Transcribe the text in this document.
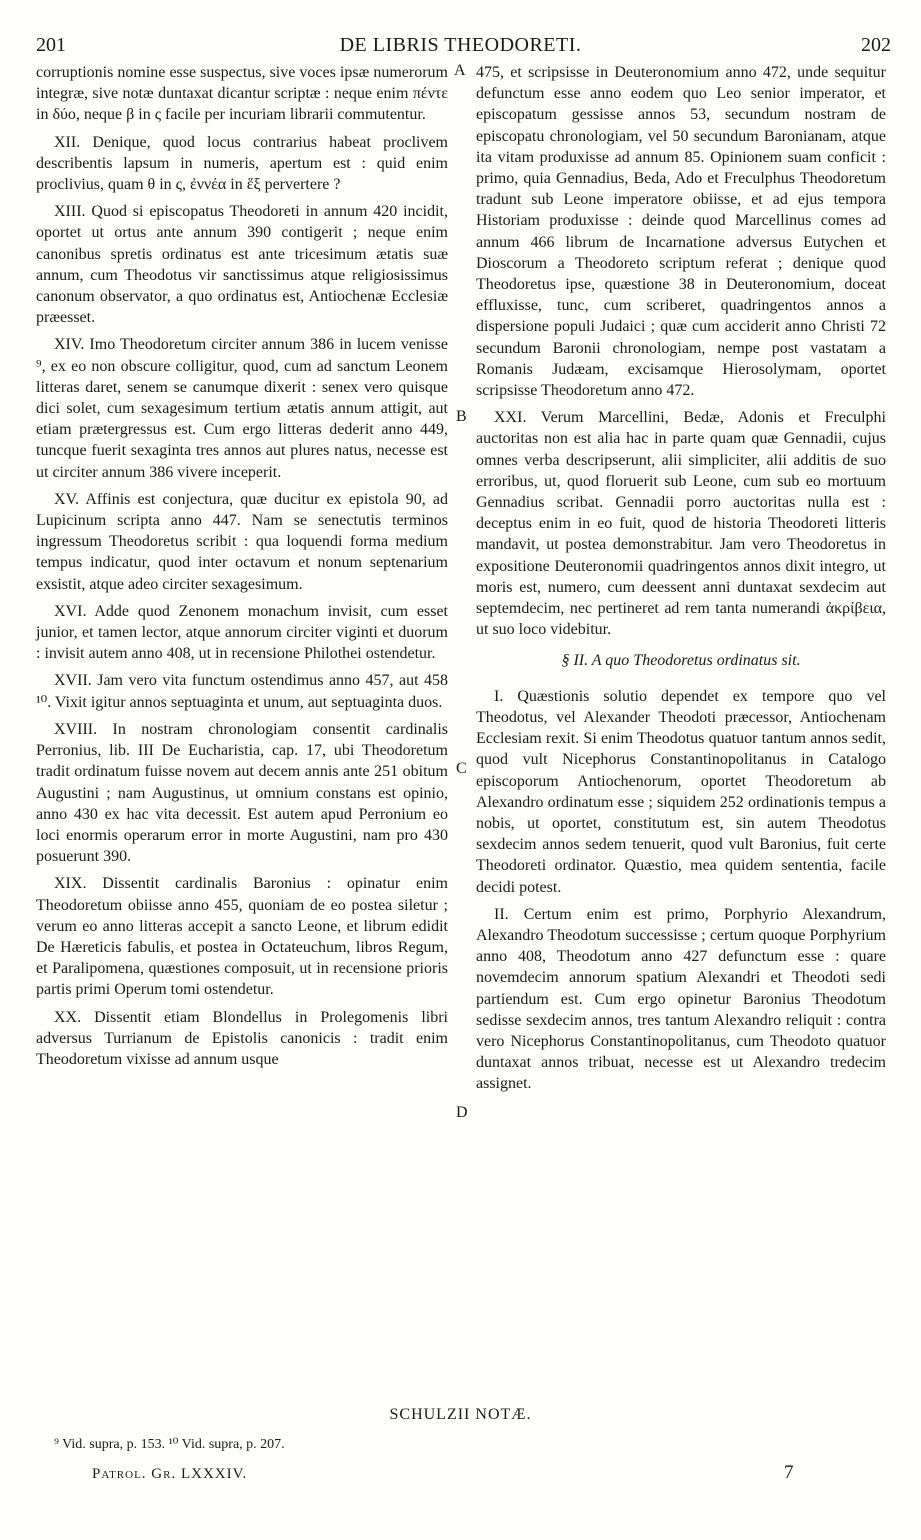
201	DE LIBRIS THEODORETI.	202

corruptionis nomine esse suspectus, sive voces ipsæ numerorum integræ, sive notæ duntaxat dicantur scriptæ : neque enim πέντε in δύο, neque β in ς facile per incuriam librarii commutentur.

XII. Denique, quod locus contrarius habeat proclivem describentis lapsum in numeris, apertum est : quid enim proclivius, quam θ in ς, ἐννέα in ἕξ pervertere ?

XIII. Quod si episcopatus Theodoreti in annum 420 incidit, oportet ut ortus ante annum 390 contigerit ; neque enim canonibus spretis ordinatus est ante tricesimum ætatis suæ annum, cum Theodotus vir sanctissimus atque religiosissimus canonum observator, a quo ordinatus est, Antiochenæ Ecclesiæ præesset.

XIV. Imo Theodoretum circiter annum 386 in lucem venisse ⁹, ex eo non obscure colligitur, quod, cum ad sanctum Leonem litteras daret, senem se canumque dixerit : senex vero quisque dici solet, cum sexagesimum tertium ætatis annum attigit, aut etiam prætergressus est. Cum ergo litteras dederit anno 449, tuncque fuerit sexaginta tres annos aut plures natus, necesse est ut circiter annum 386 vivere inceperit.

XV. Affinis est conjectura, quæ ducitur ex epistola 90, ad Lupicinum scripta anno 447. Nam se senectutis terminos ingressum Theodoretus scribit : qua loquendi forma medium tempus indicatur, quod inter octavum et nonum septenarium exsistit, atque adeo circiter sexagesimum.

XVI. Adde quod Zenonem monachum invisit, cum esset junior, et tamen lector, atque annorum circiter viginti et duorum : invisit autem anno 408, ut in recensione Philothei ostendetur.

XVII. Jam vero vita functum ostendimus anno 457, aut 458 ¹⁰. Vixit igitur annos septuaginta et unum, aut septuaginta duos.

XVIII. In nostram chronologiam consentit cardinalis Perronius, lib. III De Eucharistia, cap. 17, ubi Theodoretum tradit ordinatum fuisse novem aut decem annis ante 251 obitum Augustini ; nam Augustinus, ut omnium constans est opinio, anno 430 ex hac vita decessit. Est autem apud Perronium eo loci enormis operarum error in morte Augustini, nam pro 430 posuerunt 390.

XIX. Dissentit cardinalis Baronius : opinatur enim Theodoretum obiisse anno 455, quoniam de eo postea siletur ; verum eo anno litteras accepit a sancto Leone, et librum edidit De Hæreticis fabulis, et postea in Octateuchum, libros Regum, et Paralipomena, quæstiones composuit, ut in recensione prioris partis primi Operum tomi ostendetur.

XX. Dissentit etiam Blondellus in Prolegomenis libri adversus Turrianum de Epistolis canonicis : tradit enim Theodoretum vixisse ad annum usque

A
B
C
D

475, et scripsisse in Deuteronomium anno 472, unde sequitur defunctum esse anno eodem quo Leo senior imperator, et episcopatum gessisse annos 53, secundum nostram de episcopatu chronologiam, vel 50 secundum Baronianam, atque ita vitam produxisse ad annum 85. Opinionem suam conficit : primo, quia Gennadius, Beda, Ado et Freculphus Theodoretum tradunt sub Leone imperatore obiisse, et ad ejus tempora Historiam produxisse : deinde quod Marcellinus comes ad annum 466 librum de Incarnatione adversus Eutychen et Dioscorum a Theodoreto scriptum referat ; denique quod Theodoretus ipse, quæstione 38 in Deuteronomium, doceat effluxisse, tunc, cum scriberet, quadringentos annos a dispersione populi Judaici ; quæ cum acciderit anno Christi 72 secundum Baronii chronologiam, nempe post vastatam a Romanis Judæam, excisamque Hierosolymam, oportet scripsisse Theodoretum anno 472.

XXI. Verum Marcellini, Bedæ, Adonis et Freculphi auctoritas non est alia hac in parte quam quæ Gennadii, cujus omnes verba descripserunt, alii simpliciter, alii additis de suo erroribus, ut, quod floruerit sub Leone, cum sub eo mortuum Gennadius scribat. Gennadii porro auctoritas nulla est : deceptus enim in eo fuit, quod de historia Theodoreti litteris mandavit, ut postea demonstrabitur. Jam vero Theodoretus in expositione Deuteronomii quadringentos annos dixit integro, ut moris est, numero, cum deessent anni duntaxat sexdecim aut septemdecim, nec pertineret ad rem tanta numerandi ἀκρίβεια, ut suo loco videbitur.

§ II. A quo Theodoretus ordinatus sit.

I. Quæstionis solutio dependet ex tempore quo vel Theodotus, vel Alexander Theodoti præcessor, Antiochenam Ecclesiam rexit. Si enim Theodotus quatuor tantum annos sedit, quod vult Nicephorus Constantinopolitanus in Catalogo episcoporum Antiochenorum, oportet Theodoretum ab Alexandro ordinatum esse ; siquidem 252 ordinationis tempus a nobis, ut oportet, constitutum est, sin autem Theodotus sexdecim annos sedem tenuerit, quod vult Baronius, fuit certe Theodoreti ordinator. Quæstio, mea quidem sententia, facile decidi potest.

II. Certum enim est primo, Porphyrio Alexandrum, Alexandro Theodotum successisse ; certum quoque Porphyrium anno 408, Theodotum anno 427 defunctum esse : quare novemdecim annorum spatium Alexandri et Theodoti sedi partiendum est. Cum ergo opinetur Baronius Theodotum sedisse sexdecim annos, tres tantum Alexandro reliquit : contra vero Nicephorus Constantinopolitanus, cum Theodoto quatuor duntaxat annos tribuat, necesse est ut Alexandro tredecim assignet.

SCHULZII NOTÆ.
⁹ Vid. supra, p. 153. ¹⁰ Vid. supra, p. 207.
Patrol. Gr. LXXXIV.	7
